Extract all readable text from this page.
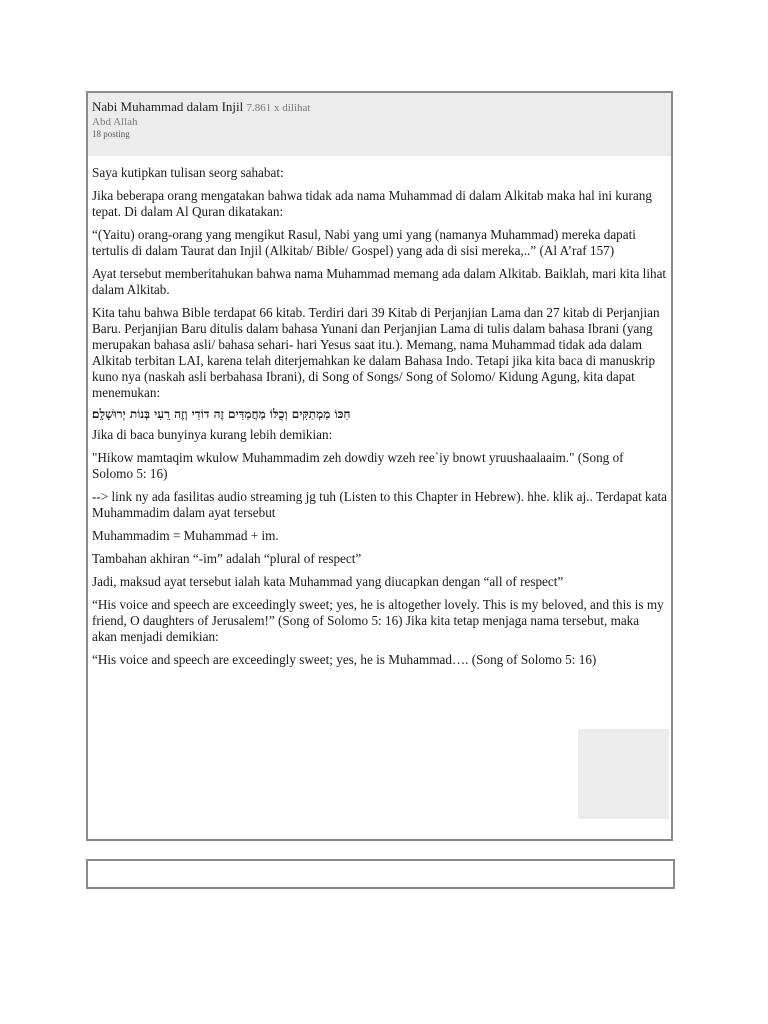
Nabi Muhammad dalam Injil 7.861 x dilihat
Abd Allah
18 posting

Saya kutipkan tulisan seorg sahabat:

Jika beberapa orang mengatakan bahwa tidak ada nama Muhammad di dalam Alkitab maka hal ini kurang tepat. Di dalam Al Quran dikatakan:

“(Yaitu) orang-orang yang mengikut Rasul, Nabi yang umi yang (namanya Muhammad) mereka dapati tertulis di dalam Taurat dan Injil (Alkitab/ Bible/ Gospel) yang ada di sisi mereka,..” (Al A’raf 157)

Ayat tersebut memberitahukan bahwa nama Muhammad memang ada dalam Alkitab. Baiklah, mari kita lihat dalam Alkitab.

Kita tahu bahwa Bible terdapat 66 kitab. Terdiri dari 39 Kitab di Perjanjian Lama dan 27 kitab di Perjanjian Baru. Perjanjian Baru ditulis dalam bahasa Yunani dan Perjanjian Lama di tulis dalam bahasa Ibrani (yang merupakan bahasa asli/ bahasa sehari- hari Yesus saat itu.). Memang, nama Muhammad tidak ada dalam Alkitab terbitan LAI, karena telah diterjemahkan ke dalam Bahasa Indo. Tetapi jika kita baca di manuskrip kuno nya (naskah asli berbahasa Ibrani), di Song of Songs/ Song of Solomo/ Kidung Agung, kita dapat menemukan:

חִכּוֹ מַמְתַקִּים וְכֻלּוֹ מַחֲמַדִּים זֶה דוֹדִי וְזֶה רֵעִי בְּנוֹת יְרוּשָׁלִָם׃

Jika di baca bunyinya kurang lebih demikian:

"Hikow mamtaqim wkulow Muhammadim zeh dowdiy wzeh ree`iy bnowt yruushaalaaim." (Song of Solomo 5: 16)

--> link ny ada fasilitas audio streaming jg tuh (Listen to this Chapter in Hebrew). hhe. klik aj.. Terdapat kata Muhammadim dalam ayat tersebut

Muhammadim = Muhammad + im.

Tambahan akhiran “-im” adalah “plural of respect”

Jadi, maksud ayat tersebut ialah kata Muhammad yang diucapkan dengan “all of respect”

“His voice and speech are exceedingly sweet; yes, he is altogether lovely. This is my beloved, and this is my friend, O daughters of Jerusalem!” (Song of Solomo 5: 16) Jika kita tetap menjaga nama tersebut, maka akan menjadi demikian:

“His voice and speech are exceedingly sweet; yes, he is Muhammad…. (Song of Solomo 5: 16)
